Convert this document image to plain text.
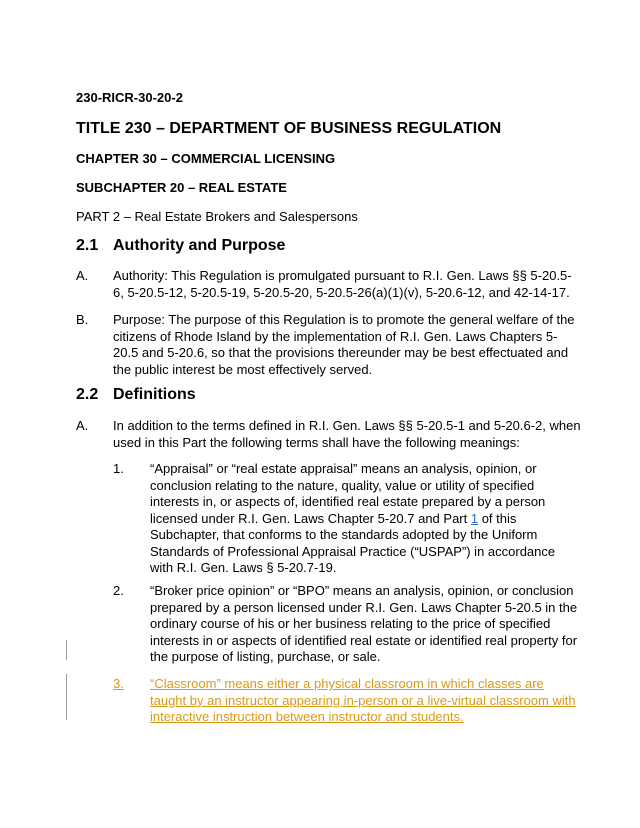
230-RICR-30-20-2
TITLE 230 – DEPARTMENT OF BUSINESS REGULATION
CHAPTER 30 – COMMERCIAL LICENSING
SUBCHAPTER 20 – REAL ESTATE
PART 2 – Real Estate Brokers and Salespersons
2.1 Authority and Purpose
A. Authority: This Regulation is promulgated pursuant to R.I. Gen. Laws §§ 5-20.5-
6, 5-20.5-12, 5-20.5-19, 5-20.5-20, 5-20.5-26(a)(1)(v), 5-20.6-12, and 42-14-17.
B. Purpose: The purpose of this Regulation is to promote the general welfare of the
citizens of Rhode Island by the implementation of R.I. Gen. Laws Chapters 5-
20.5 and 5-20.6, so that the provisions thereunder may be best effectuated and
the public interest be most effectively served.
2.2 Definitions
A. In addition to the terms defined in R.I. Gen. Laws §§ 5-20.5-1 and 5-20.6-2, when
used in this Part the following terms shall have the following meanings:
1. “Appraisal” or “real estate appraisal” means an analysis, opinion, or
conclusion relating to the nature, quality, value or utility of specified
interests in, or aspects of, identified real estate prepared by a person
licensed under R.I. Gen. Laws Chapter 5-20.7 and Part 1 of this
Subchapter, that conforms to the standards adopted by the Uniform
Standards of Professional Appraisal Practice (“USPAP”) in accordance
with R.I. Gen. Laws § 5-20.7-19.
2. “Broker price opinion” or “BPO” means an analysis, opinion, or conclusion
prepared by a person licensed under R.I. Gen. Laws Chapter 5-20.5 in the
ordinary course of his or her business relating to the price of specified
interests in or aspects of identified real estate or identified real property for
the purpose of listing, purchase, or sale.
3. “Classroom” means either a physical classroom in which classes are
taught by an instructor appearing in-person or a live-virtual classroom with
interactive instruction between instructor and students.
